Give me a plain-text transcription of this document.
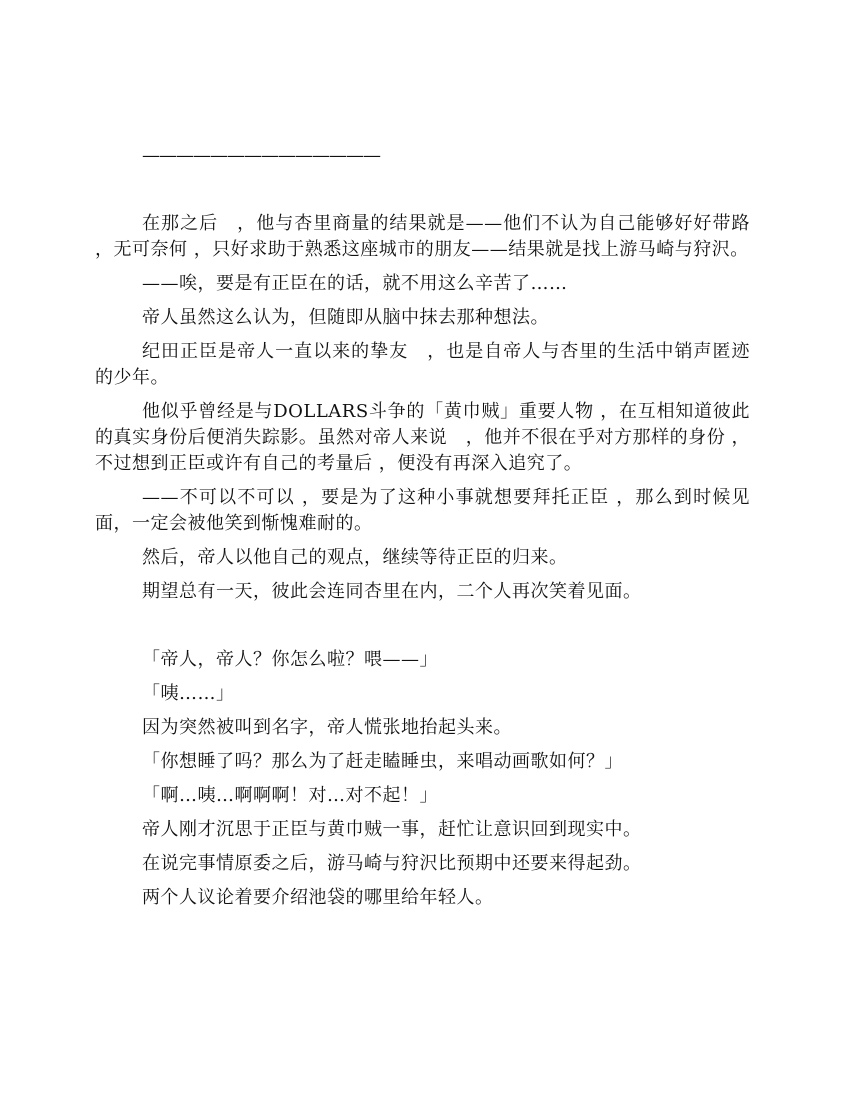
——————————————

在那之后　，他与杏里商量的结果就是——他们不认为自己能够好好带路 ，无可奈何 ，只好求助于熟悉这座城市的朋友——结果就是找上游马崎与狩沢。

——唉，要是有正臣在的话，就不用这么辛苦了……

帝人虽然这么认为，但随即从脑中抹去那种想法。

纪田正臣是帝人一直以来的挚友　，也是自帝人与杏里的生活中销声匿迹的少年。

他似乎曾经是与DOLLARS斗争的「黄巾贼」重要人物 ，在互相知道彼此的真实身份后便消失踪影。虽然对帝人来说　，他并不很在乎对方那样的身份 ，不过想到正臣或许有自己的考量后 ，便没有再深入追究了。

——不可以不可以 ，要是为了这种小事就想要拜托正臣 ，那么到时候见面，一定会被他笑到惭愧难耐的。

然后，帝人以他自己的观点，继续等待正臣的归来。

期望总有一天，彼此会连同杏里在内，二个人再次笑着见面。

「帝人，帝人？你怎么啦？喂——」

「咦……」

因为突然被叫到名字，帝人慌张地抬起头来。

「你想睡了吗？那么为了赶走瞌睡虫，来唱动画歌如何？」

「啊…咦…啊啊啊！对…对不起！」

帝人刚才沉思于正臣与黄巾贼一事，赶忙让意识回到现实中。

在说完事情原委之后，游马崎与狩沢比预期中还要来得起劲。

两个人议论着要介绍池袋的哪里给年轻人。
